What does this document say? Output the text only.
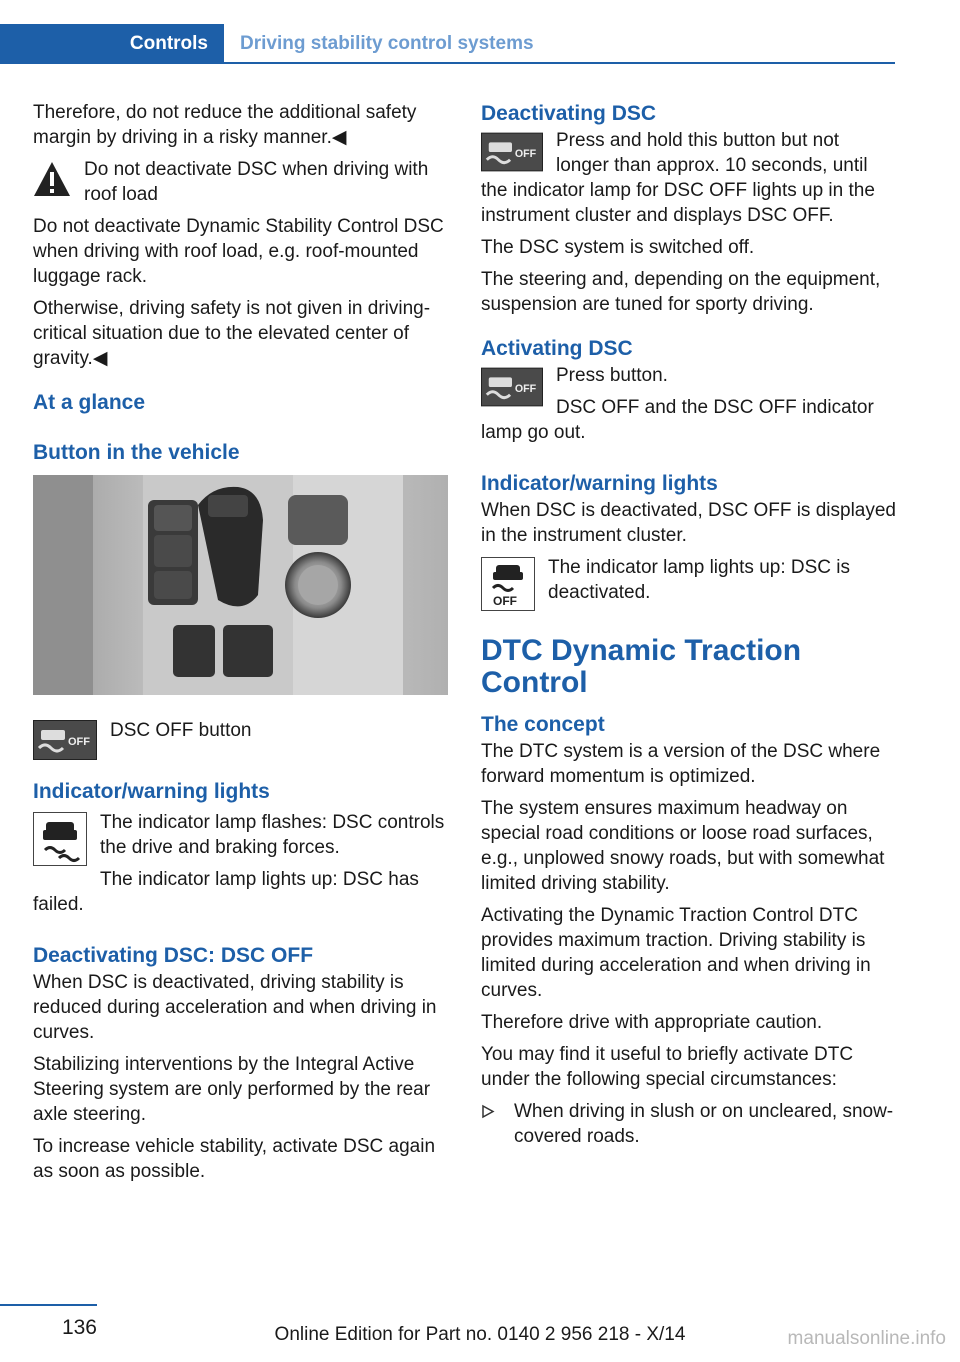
Controls Driving stability control systems

Therefore, do not reduce the additional safety margin by driving in a risky manner.◀

Do not deactivate DSC when driving with roof load

Do not deactivate Dynamic Stability Control DSC when driving with roof load, e.g. roof-mounted luggage rack.

Otherwise, driving safety is not given in driving-critical situation due to the elevated center of gravity.◀

At a glance
Button in the vehicle
OFF

DSC OFF button

Indicator/warning lights

The indicator lamp flashes: DSC controls the drive and braking forces.

The indicator lamp lights up: DSC has failed.

Deactivating DSC: DSC OFF

When DSC is deactivated, driving stability is reduced during acceleration and when driving in curves.

Stabilizing interventions by the Integral Active Steering system are only performed by the rear axle steering.

To increase vehicle stability, activate DSC again as soon as possible.

Deactivating DSC
OFF

Press and hold this button but not longer than approx. 10 seconds, until the indicator lamp for DSC OFF lights up in the instrument cluster and displays DSC OFF.

The DSC system is switched off.

The steering and, depending on the equipment, suspension are tuned for sporty driving.

Activating DSC
OFF

Press button.

DSC OFF and the DSC OFF indicator lamp go out.

Indicator/warning lights

When DSC is deactivated, DSC OFF is displayed in the instrument cluster.

OFF

The indicator lamp lights up: DSC is deactivated.

DTC Dynamic Traction Control
The concept

The DTC system is a version of the DSC where forward momentum is optimized.

The system ensures maximum headway on special road conditions or loose road surfaces, e.g., unplowed snowy roads, but with somewhat limited driving stability.

Activating the Dynamic Traction Control DTC provides maximum traction. Driving stability is limited during acceleration and when driving in curves.

Therefore drive with appropriate caution.

You may find it useful to briefly activate DTC under the following special circumstances:

When driving in slush or on uncleared, snow-covered roads.

136	Online Edition for Part no. 0140 2 956 218 - X/14	manualsonline.info
